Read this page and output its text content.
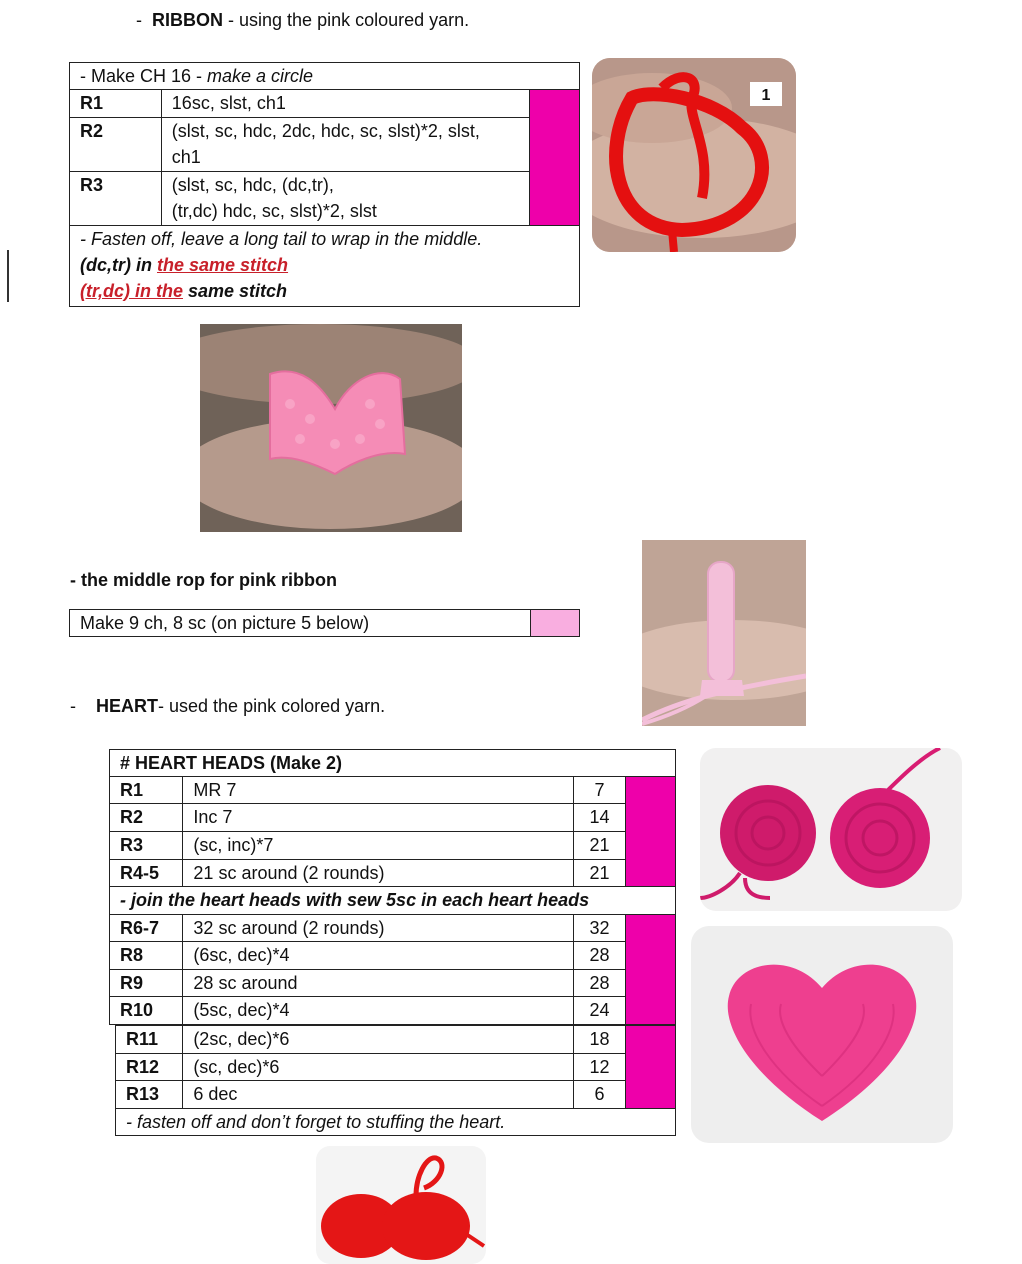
- RIBBON - using the pink coloured yarn.
- Make CH 16 - make a circle		
R1	16sc, slst, ch1	
R2	(slst, sc, hdc, 2dc, hdc, sc, slst)*2, slst,
ch1	

R3	(slst, sc, hdc, (dc,tr),
(tr,dc) hdc, sc, slst)*2, slst	

- Fasten off, leave a long tail to wrap in the middle.
(dc,tr) in the same stitch
(tr,dc) in the same stitch		
1
- the middle rop for pink ribbon
Make 9 ch, 8 sc (on picture 5 below)	
- HEART- used the pink colored yarn.
# HEART HEADS (Make 2)			
R1	MR 7	7	
R2	Inc 7	14	
R3	(sc, inc)*7	21	
R4-5	21 sc around (2 rounds)	21	
- join the heart heads with sew 5sc in each heart heads			
R6-7	32 sc around (2 rounds)	32	
R8	(6sc, dec)*4	28	
R9	28 sc around	28	
R10	(5sc, dec)*4	24	
R11	(2sc, dec)*6	18	
R12	(sc, dec)*6	12	
R13	6 dec	6	
- fasten off and don’t forget to stuffing the heart.			
